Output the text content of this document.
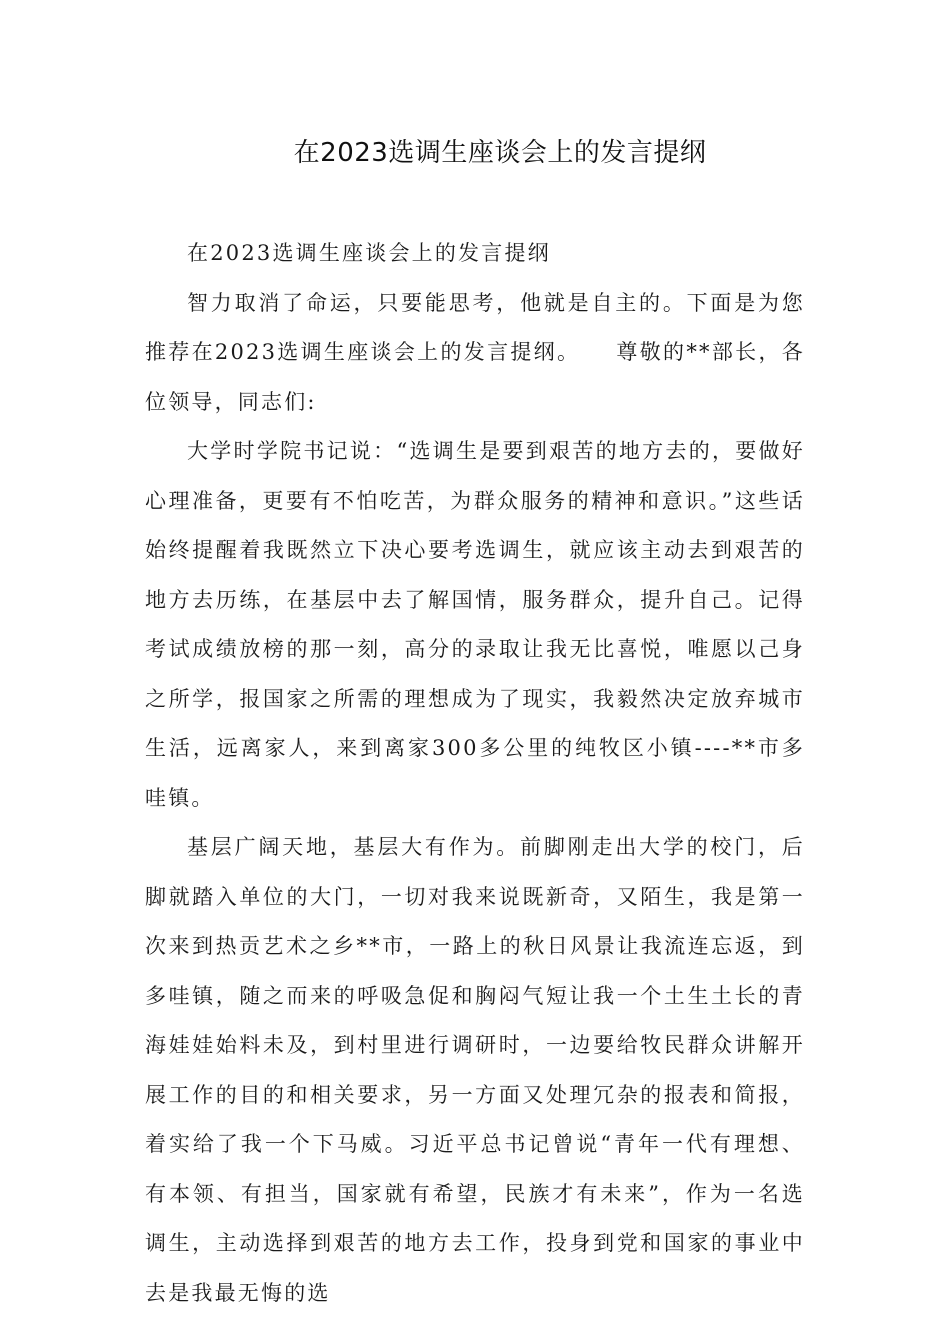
在2023选调生座谈会上的发言提纲

在2023选调生座谈会上的发言提纲

智力取消了命运，只要能思考，他就是自主的。下面是为您推荐在2023选调生座谈会上的发言提纲。　　尊敬的**部长，各位领导，同志们:

大学时学院书记说：“选调生是要到艰苦的地方去的，要做好心理准备，更要有不怕吃苦，为群众服务的精神和意识。”这些话始终提醒着我既然立下决心要考选调生，就应该主动去到艰苦的地方去历练，在基层中去了解国情，服务群众，提升自己。记得考试成绩放榜的那一刻，高分的录取让我无比喜悦，唯愿以己身之所学，报国家之所需的理想成为了现实，我毅然决定放弃城市生活，远离家人，来到离家300多公里的纯牧区小镇----**市多哇镇。

基层广阔天地，基层大有作为。前脚刚走出大学的校门，后脚就踏入单位的大门，一切对我来说既新奇，又陌生，我是第一次来到热贡艺术之乡**市，一路上的秋日风景让我流连忘返，到多哇镇，随之而来的呼吸急促和胸闷气短让我一个土生土长的青海娃娃始料未及，到村里进行调研时，一边要给牧民群众讲解开展工作的目的和相关要求，另一方面又处理冗杂的报表和简报，着实给了我一个下马威。习近平总书记曾说“青年一代有理想、有本领、有担当，国家就有希望，民族才有未来”，作为一名选调生，主动选择到艰苦的地方去工作，投身到党和国家的事业中去是我最无悔的选
